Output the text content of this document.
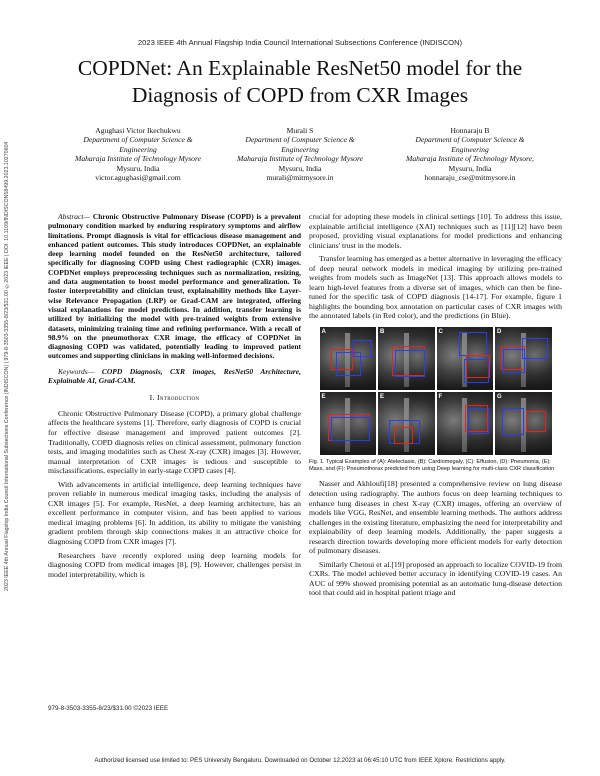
2023 IEEE 4th Annual Flagship India Council International Subsections Conference (INDISCON)
2023 IEEE 4th Annual Flagship India Council International Subsections Conference (INDISCON) | 979-8-3503-3355-8/23/$31.00 ©2023 IEEE | DOI: 10.1109/INDISCON58499.2023.10270604
COPDNet: An Explainable ResNet50 model for the
Diagnosis of COPD from CXR Images
Agughasi Victor Ikechukwu
Department of Computer Science &
Engineering
Maharaja Institute of Technology Mysore
Mysuru, India
victor.agughasi@gmail.com
Murali S
Department of Computer Science &
Engineering
Maharaja Institute of Technology Mysore
Mysuru, India
murali@mitmysore.in
Honnaraju B
Department of Computer Science &
Engineering
Maharaja Institute of Technology Mysore,
Mysuru, India
honnaraju_cse@mitmysore.in

Abstract— Chronic Obstructive Pulmonary Disease (COPD) is a prevalent pulmonary condition marked by enduring respiratory symptoms and airflow limitations. Prompt diagnosis is vital for efficacious disease management and enhanced patient outcomes. This study introduces COPDNet, an explainable deep learning model founded on the ResNet50 architecture, tailored specifically for diagnosing COPD using Chest radiographic (CXR) images. COPDNet employs preprocessing techniques such as normalization, resizing, and data augmentation to boost model performance and generalization. To foster interpretability and clinician trust, explainability methods like Layer-wise Relevance Propagation (LRP) or Grad-CAM are integrated, offering visual explanations for model predictions. In addition, transfer learning is utilized by initializing the model with pre-trained weights from extensive datasets, minimizing training time and refining performance. With a recall of 98.9% on the pneumothorax CXR image, the efficacy of COPDNet in diagnosing COPD was validated, potentially leading to improved patient outcomes and supporting clinicians in making well-informed decisions.

Keywords— COPD Diagnosis, CXR images, ResNet50 Architecture, Explainable AI, Grad-CAM.

I. Introduction

Chronic Obstructive Pulmonary Disease (COPD), a primary global challenge affects the healthcare systems [1]. Therefore, early diagnosis of COPD is crucial for effective disease management and improved patient outcomes [2]. Traditionally, COPD diagnosis relies on clinical assessment, pulmonary function tests, and imaging modalities such as Chest X-ray (CXR) images [3]. However, manual interpretation of CXR images is tedious and susceptible to misclassifications, especially in early-stage COPD cases [4].

With advancements in artificial intelligence, deep learning techniques have proven reliable in numerous medical imaging tasks, including the analysis of CXR images [5]. For example, ResNet, a deep learning architecture, has an excellent performance in computer vision, and has been applied to various medical imaging problems [6]. In addition, its ability to mitigate the vanishing gradient problem through skip connections makes it an attractive choice for diagnosing COPD from CXR images [7].

Researchers have recently explored using deep learning models for diagnosing COPD from medical images [8], [9]. However, challenges persist in model interpretability, which is

crucial for adopting these models in clinical settings [10]. To address this issue, explainable artificial intelligence (XAI) techniques such as [11][12] have been proposed, providing visual explanations for model predictions and enhancing clinicians' trust in the models.

Transfer learning has emerged as a better alternative in leveraging the efficacy of deep neural network models in medical imaging by utilizing pre-trained weights from models such as ImageNet [13]. This approach allows models to learn high-level features from a diverse set of images, which can then be fine-tuned for the specific task of COPD diagnosis [14-17]. For example, figure 1 highlights the bounding box annotation on particular cases of CXR images with the annotated labels (in Red color), and the predictions (in Blue).

A	B	C	D
E	E	F	G
Fig. 1. Typical Examples of (A): Atelectasis, (B): Cardiomegaly, (C): Effusion, (D): Pneumonia, (E): Mass, and (F): Pneumothorax predicted from using Deep learning for multi-class CXR classification

Nasser and Akhloufi[18] presented a comprehensive review on lung disease detection using radiography. The authors focus on deep learning techniques to enhance lung diseases in chest X-ray (CXR) images, offering an overview of models like VGG, ResNet, and ensemble learning methods. The authors address challenges in the existing literature, emphasizing the need for interpretability and explainability of deep learning models. Additionally, the paper suggests a research direction towards developing more efficient models for early detection of pulmonary diseases.

Similarly Chetoui et al.[19] proposed an approach to localize COVID-19 from CXRs. The model achieved better accuracy in identifying COVID-19 cases. An AUC of 99% showed promising potential as an automatic lung-disease detection tool that could aid in hospital patient triage and

979-8-3503-3355-8/23/$31.00 ©2023 IEEE
Authorized licensed use limited to: PES University Bengaluru. Downloaded on October 12,2023 at 06:45:10 UTC from IEEE Xplore. Restrictions apply.
